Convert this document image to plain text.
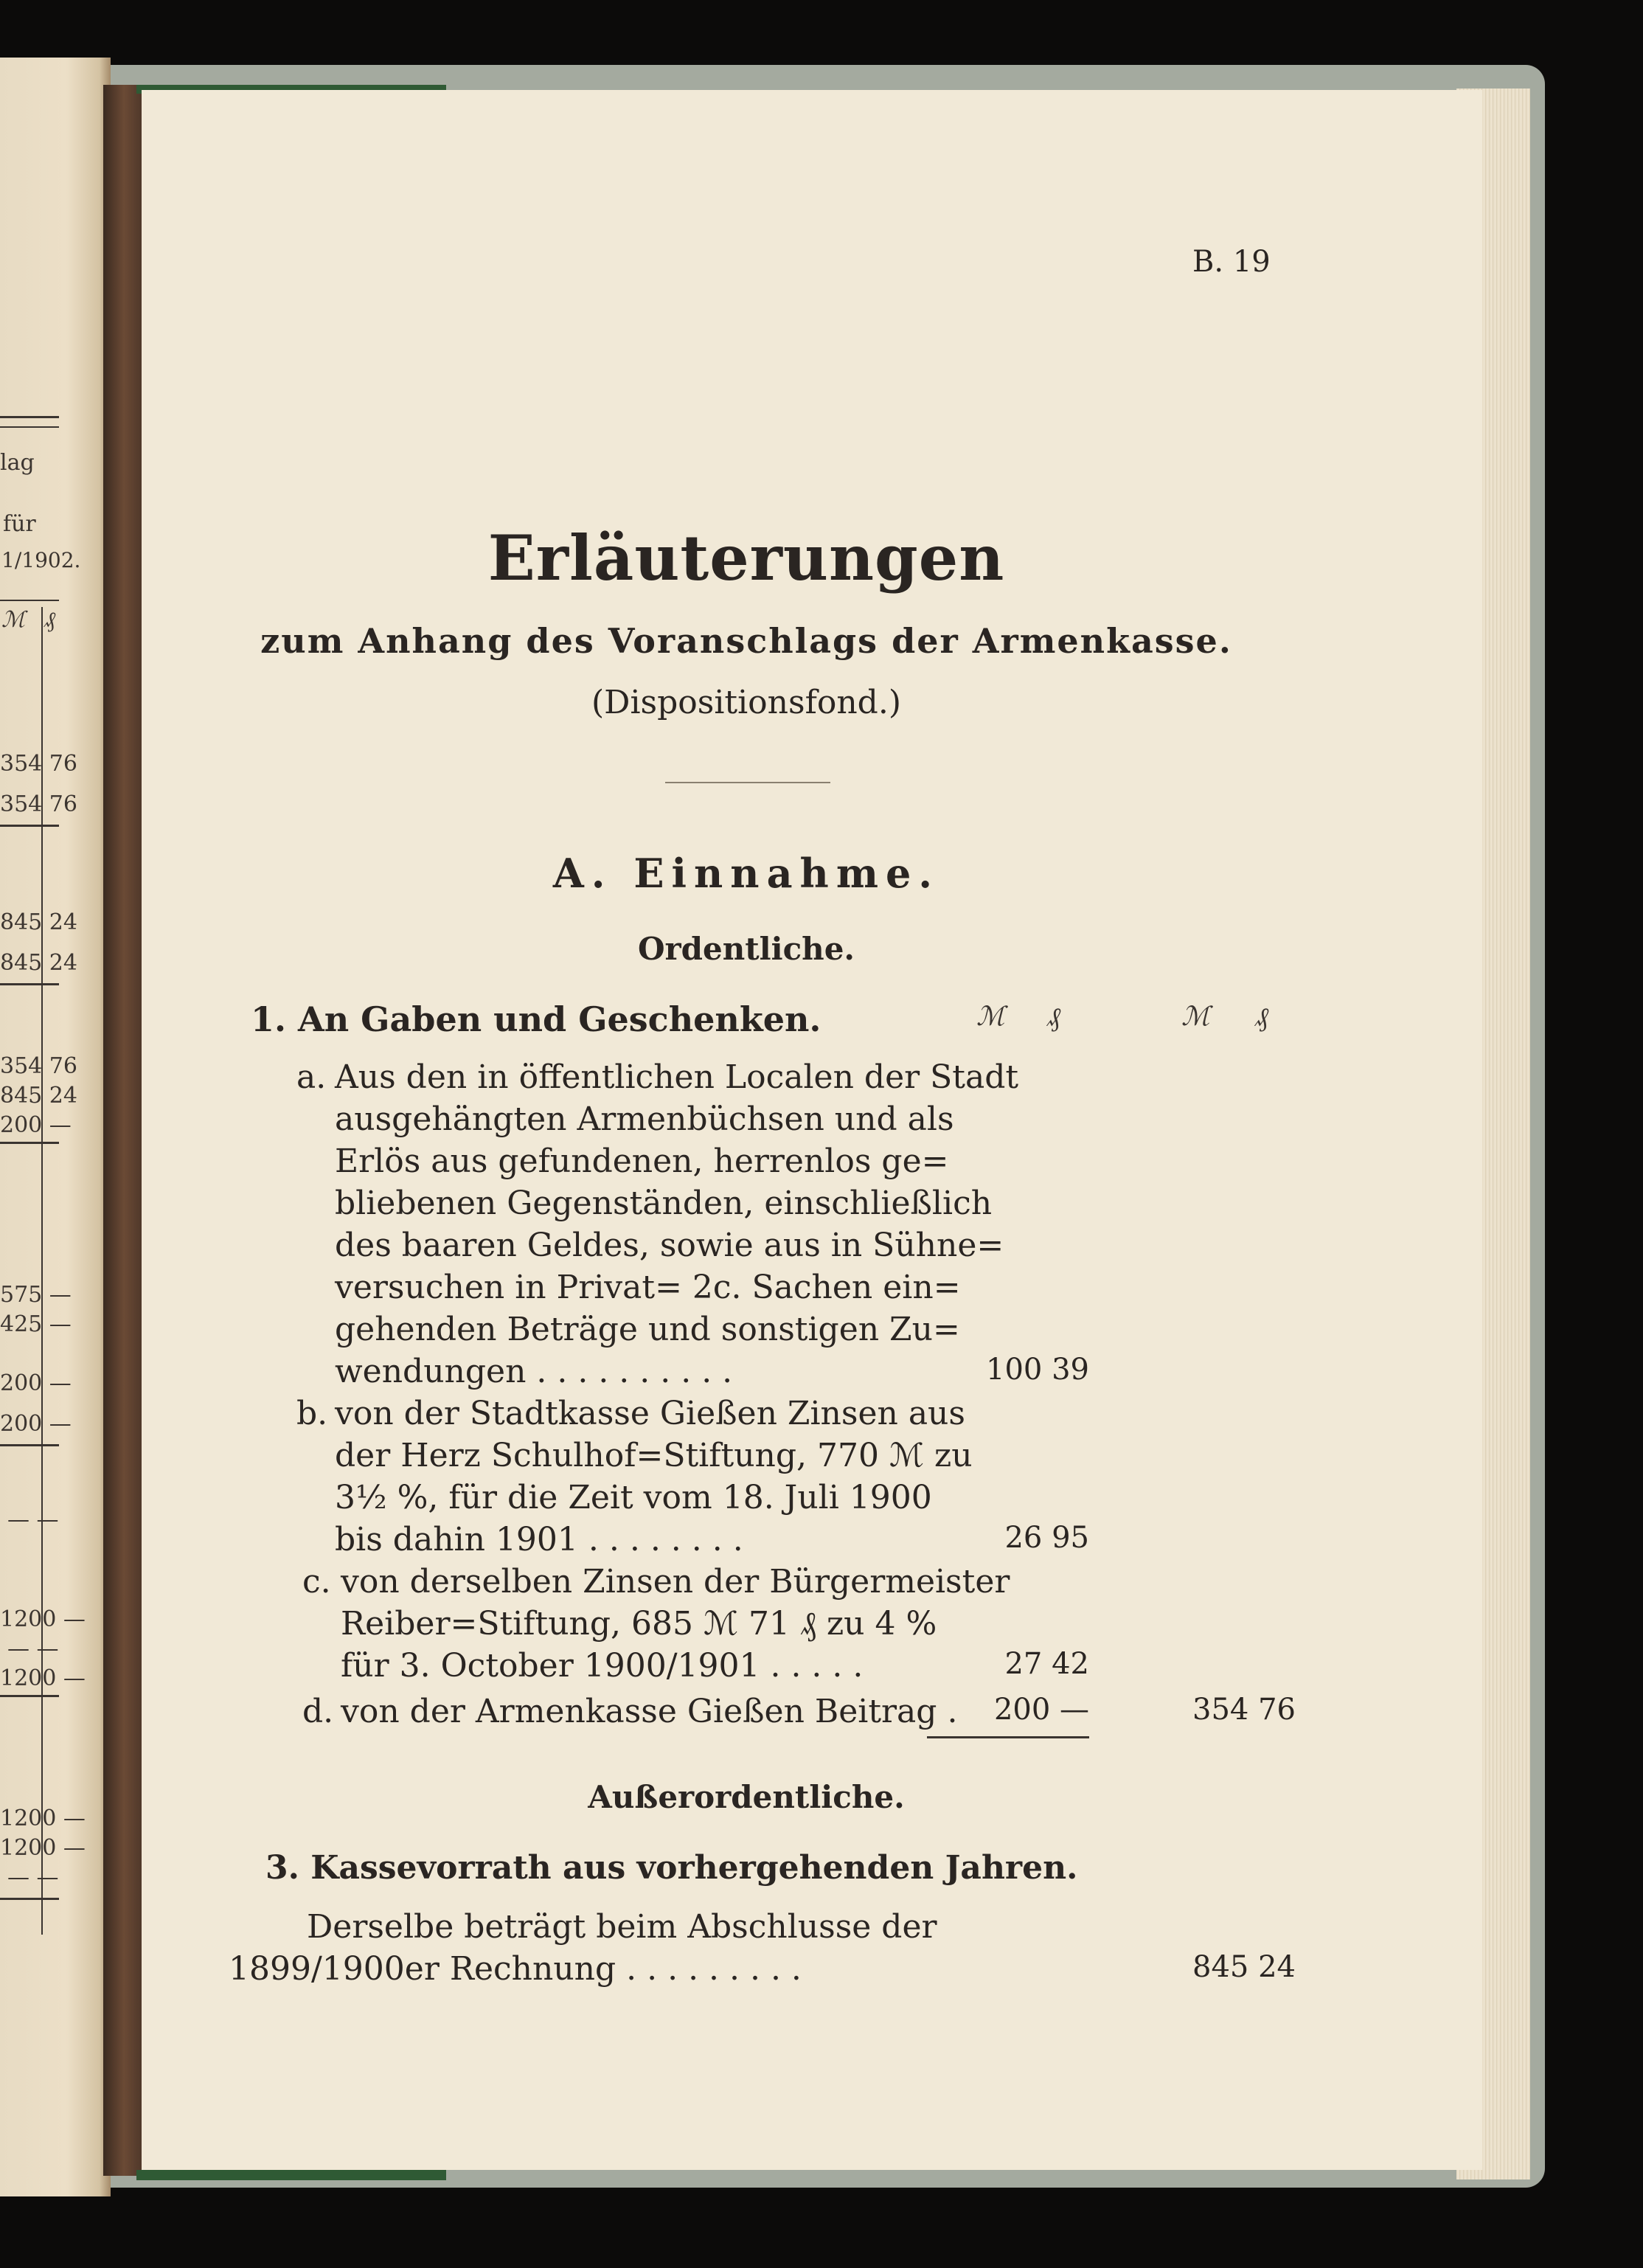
lag
für
1/1902.
ℳ ₰
354 76
354 76
845 24
845 24
354 76
845 24
200 —
575 —
425 —
200 —
200 —
— —
1200 —
— —
1200 —
1200 —
1200 —
— —
B. 19
Erläuterungen
zum Anhang des Voranschlags der Armenkasse.
(Dispositionsfond.)
A. Einnahme.
Ordentliche.
1. An Gaben und Geschenken.	ℳ ₰	ℳ ₰
a. Aus den in öffentlichen Localen der Stadt
ausgehängten Armenbüchsen und als
Erlös aus gefundenen, herrenlos ge=
bliebenen Gegenständen, einschließlich
des baaren Geldes, sowie aus in Sühne=
versuchen in Privat= 2c. Sachen ein=
gehenden Beträge und sonstigen Zu=
wendungen . . . . . . . . . .	100 39
b. von der Stadtkasse Gießen Zinsen aus
der Herz Schulhof=Stiftung, 770 ℳ zu
3½ %, für die Zeit vom 18. Juli 1900
bis dahin 1901 . . . . . . . .	26 95
c. von derselben Zinsen der Bürgermeister
Reiber=Stiftung, 685 ℳ 71 ₰ zu 4 %
für 3. October 1900/1901 . . . . .	27 42
d. von der Armenkasse Gießen Beitrag .	200 —	354 76
Außerordentliche.
3. Kassevorrath aus vorhergehenden Jahren.
Derselbe beträgt beim Abschlusse der
1899/1900er Rechnung . . . . . . . . .	845 24
